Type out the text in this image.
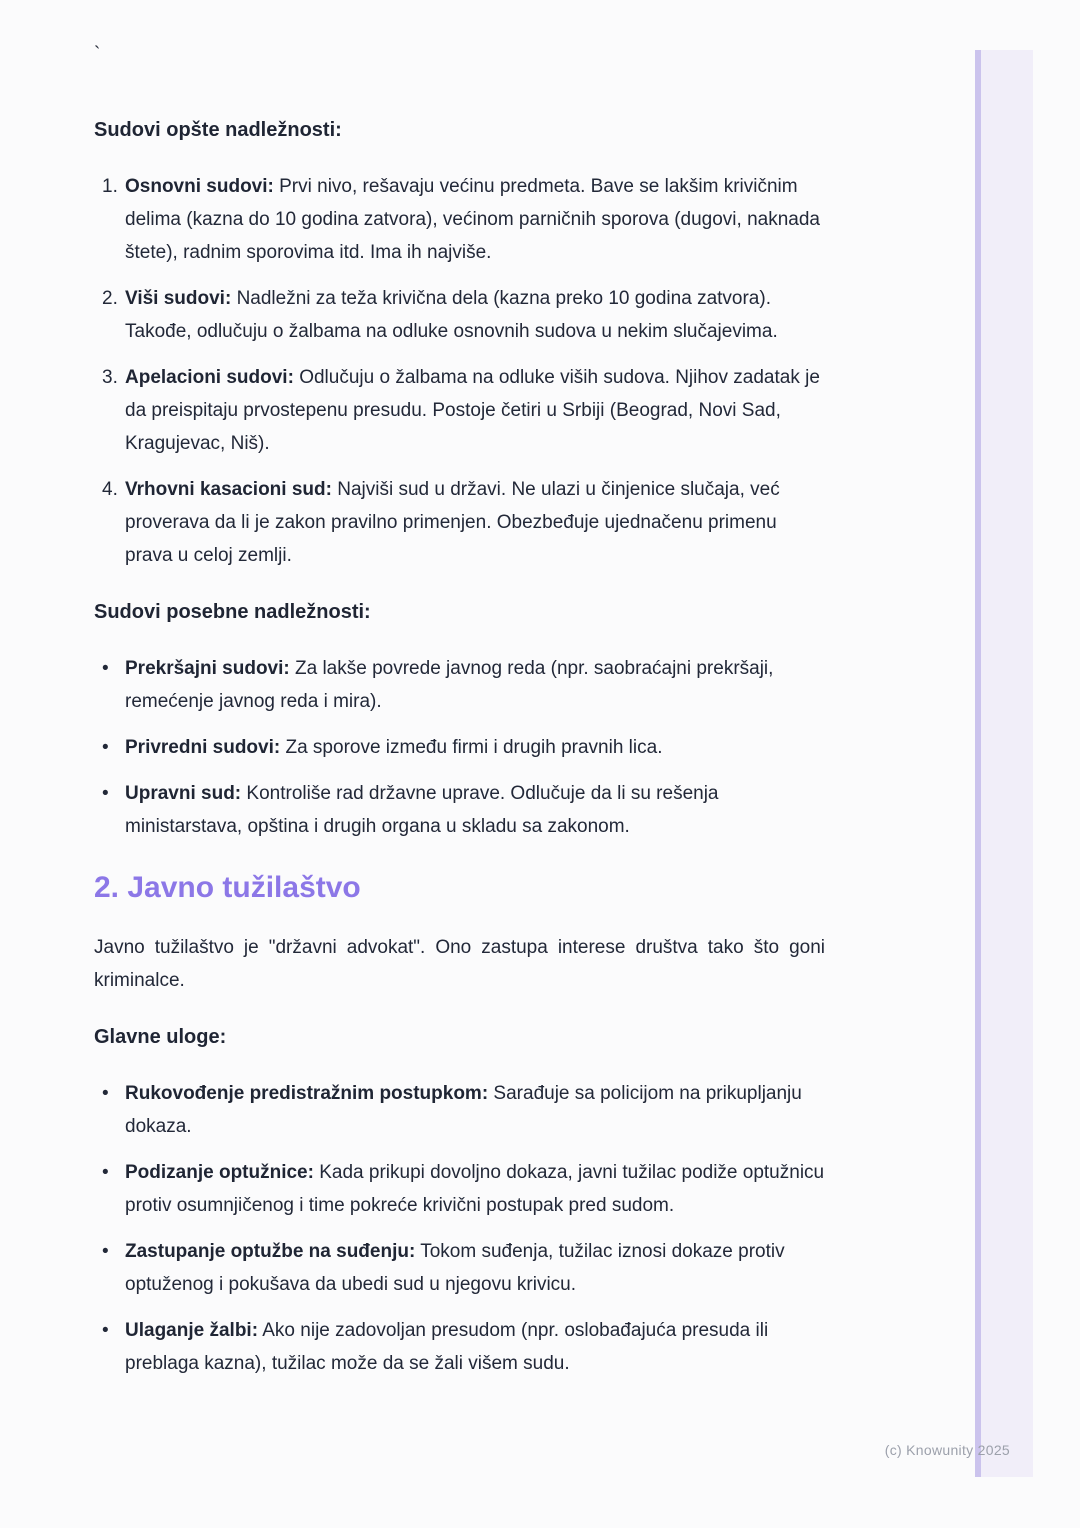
`
Sudovi opšte nadležnosti:
1. Osnovni sudovi: Prvi nivo, rešavaju većinu predmeta. Bave se lakšim krivičnim delima (kazna do 10 godina zatvora), većinom parničnih sporova (dugovi, naknada štete), radnim sporovima itd. Ima ih najviše.
2. Viši sudovi: Nadležni za teža krivična dela (kazna preko 10 godina zatvora). Takođe, odlučuju o žalbama na odluke osnovnih sudova u nekim slučajevima.
3. Apelacioni sudovi: Odlučuju o žalbama na odluke viših sudova. Njihov zadatak je da preispitaju prvostepenu presudu. Postoje četiri u Srbiji (Beograd, Novi Sad, Kragujevac, Niš).
4. Vrhovni kasacioni sud: Najviši sud u državi. Ne ulazi u činjenice slučaja, već proverava da li je zakon pravilno primenjen. Obezbeđuje ujednačenu primenu prava u celoj zemlji.
Sudovi posebne nadležnosti:
• Prekršajni sudovi: Za lakše povrede javnog reda (npr. saobraćajni prekršaji, remećenje javnog reda i mira).
• Privredni sudovi: Za sporove između firmi i drugih pravnih lica.
• Upravni sud: Kontroliše rad državne uprave. Odlučuje da li su rešenja ministarstava, opština i drugih organa u skladu sa zakonom.
2. Javno tužilaštvo

Javno tužilaštvo je "državni advokat". Ono zastupa interese društva tako što goni kriminalce.

Glavne uloge:
• Rukovođenje predistražnim postupkom: Sarađuje sa policijom na prikupljanju dokaza.
• Podizanje optužnice: Kada prikupi dovoljno dokaza, javni tužilac podiže optužnicu protiv osumnjičenog i time pokreće krivični postupak pred sudom.
• Zastupanje optužbe na suđenju: Tokom suđenja, tužilac iznosi dokaze protiv optuženog i pokušava da ubedi sud u njegovu krivicu.
• Ulaganje žalbi: Ako nije zadovoljan presudom (npr. oslobađajuća presuda ili preblaga kazna), tužilac može da se žali višem sudu.
(c) Knowunity 2025
